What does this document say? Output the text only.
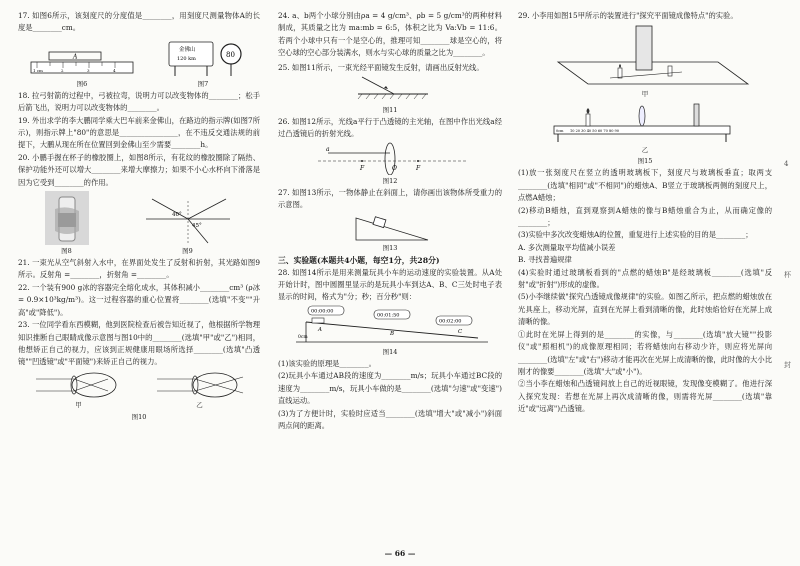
17. 如图6所示，该刻度尺的分度值是________，用刻度尺测量物体A的长度是________cm。

A
1 cm	2	3	4
图6
金佛山
120 km	80
图7

18. 拉弓射箭的过程中，弓被拉弯，说明力可以改变物体的________；松手后箭飞出，说明力可以改变物体的________。

19. 外出求学的李大鹏同学乘大巴车前来金佛山，在路边的指示牌(如图7所示)，则指示牌上"80"的意思是________________，在不违反交通法规的前提下，大鹏从现在所在位置回到金佛山至少需要________h。

20. 小鹏手握在杯子的橡胶圈上，如图8所示，有花纹的橡胶圈除了隔热、保护功能外还可以增大________来增大摩擦力；如果不小心水杯向下滑落是因为它受到________的作用。

图8
40°
45°
图9

21. 一束光从空气斜射入水中，在界面处发生了反射和折射，其光路如图9所示。反射角 =________，折射角 =________。

22. 一个装有900 g冰的容器完全熔化成水，其体积减小________cm³ (ρ冰 = 0.9×10³kg/m³)。这一过程容器的重心位置将________(选填"不变""升高"或"降低")。

23. 一位同学看东西模糊，他到医院检查后被告知近视了，他根据所学物理知识推断自己眼睛成像示意图与图10中的________(选填"甲"或"乙")相同，他想矫正自己的视力，应该到正规健康用眼场所选择________(选填"凸透镜""凹透镜"或"平面镜")来矫正自己的视力。

甲	乙
图10

24. a、b两个小球分别由ρa = 4 g/cm³、ρb = 5 g/cm³的两种材料制成，其质量之比为 ma:mb = 6:5，体积之比为 Va:Vb = 11:6。若两个小球中只有一个是空心的，推理可知________球是空心的，将空心球的空心部分装满水，则水与实心球的质量之比为________。

25. 如图11所示，一束光经平面镜发生反射，请画出反射光线。

图11

26. 如图12所示，光线a平行于凸透镜的主光轴，在图中作出光线a经过凸透镜后的折射光线。

a
F	F
O
图12

27. 如图13所示，一物体静止在斜面上，请你画出该物体所受重力的示意图。

图13
三、实验题(本题共4小题，每空1分，共28分)

28. 如图14所示是用来测量玩具小车的运动速度的实验装置。从A处开始计时，图中圆圈里显示的是玩具小车到达A、B、C三处时电子表显示的时间，格式为"分；秒；百分秒"则：

00:00:00
00:01:50
00:02:00
A
B	C
0cm
图14

(1)该实验的原理是________。

(2)玩具小车通过AB段的速度为________m/s；玩具小车通过BC段的速度为________m/s，玩具小车做的是________(选填"匀速"或"变速")直线运动。

(3)为了方便计时，实验时应适当________(选填"增大"或"减小")斜面两点间的距离。

29. 小李用如图15甲所示的装置进行"探究平面镜成像特点"的实验。

甲
0cm 10 20 30 40 50 60 70 80 90
乙
图15

(1)放一张刻度尺在竖立的透明玻璃板下，刻度尺与玻璃板垂直；取两支________(选填"相同"或"不相同")的蜡烛A、B竖立于玻璃板两侧的刻度尺上，点燃A蜡烛；

(2)移动B蜡烛，直到观察到A蜡烛的像与B蜡烛重合为止，从而确定像的________；

(3)实验中多次改变蜡烛A的位置，重复进行上述实验的目的是________；

A. 多次测量取平均值减小误差

B. 寻找普遍规律

(4)实验时通过玻璃板看到的"点燃的蜡烛B"是经玻璃板________(选填"反射"或"折射")形成的虚像。

(5)小李继续做"探究凸透镜成像规律"的实验。如图乙所示，把点燃的蜡烛放在光具座上，移动光屏，直到在光屏上看到清晰的像，此时烛焰恰好在光屏上成清晰的像。

①此时在光屏上得到的是________的实像，与________(选填"放大镜""投影仪"或"照相机")的成像原理相同；若将蜡烛向右移动少许，则应将光屏向________(选填"左"或"右")移动才能再次在光屏上成清晰的像，此时像的大小比刚才的像要________(选填"大"或"小")。

②当小李在蜡烛和凸透镜间放上自己的近视眼镜，发现像变模糊了。他进行深入探究发现：若想在光屏上再次成清晰的像，则需将光屏________(选填"靠近"或"远离")凸透镜。

4
杯
封
— 66 —
